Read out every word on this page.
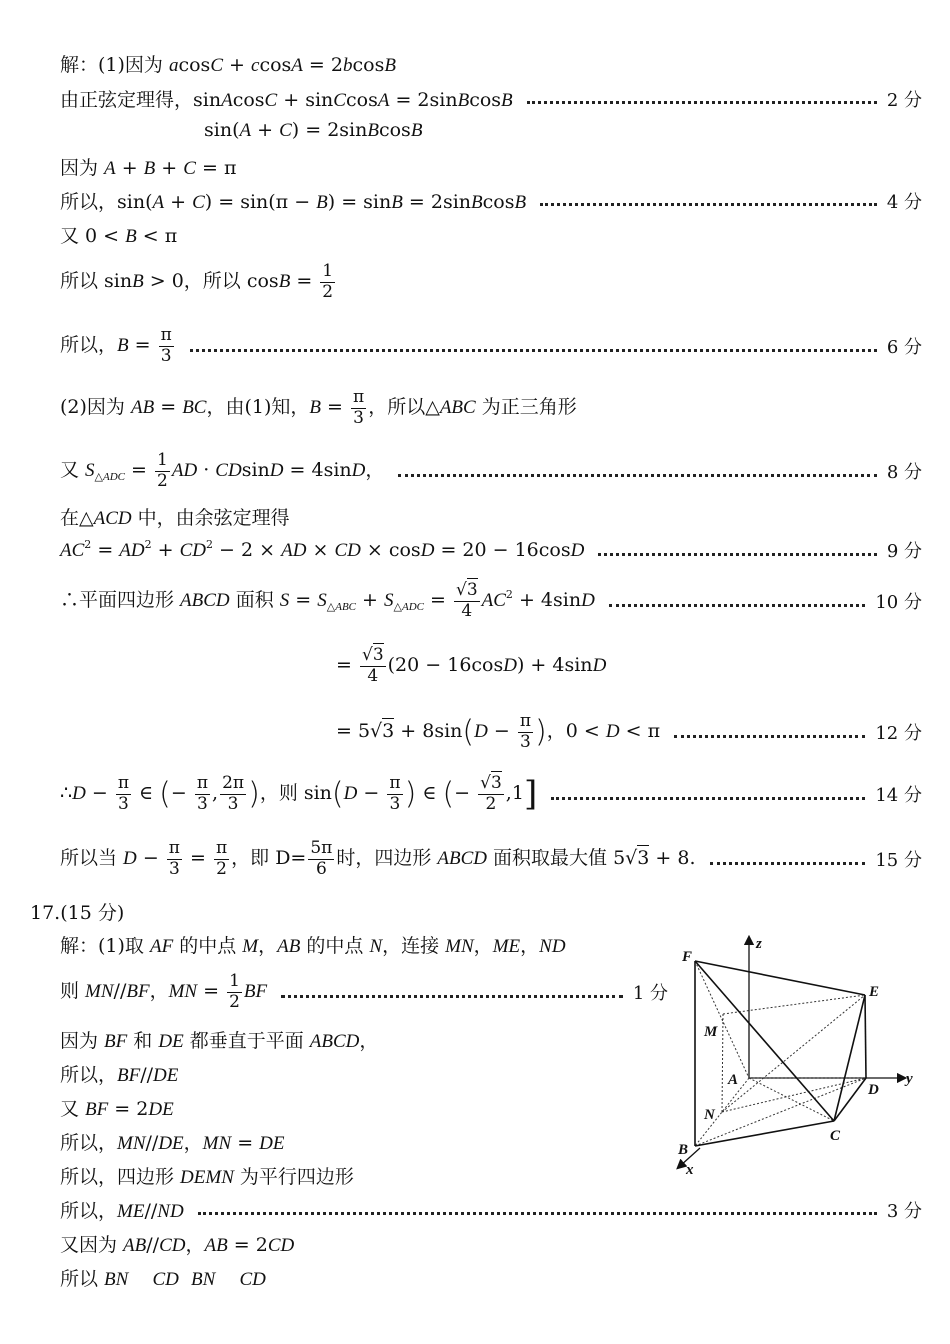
解：(1)因为 acosC + ccosA = 2bcosB
由正弦定理得，sinAcosC + sinCcosA = 2sinBcosB	2 分
sin(A + C) = 2sinBcosB
因为 A + B + C = π
所以，sin(A + C) = sin(π − B) = sinB = 2sinBcosB	4 分
又 0 < B < π
所以 sinB > 0，所以 $\cos B = \frac{1}{2}$
所以，$B = \frac{\pi}{3}$	6 分
(2)因为 AB = BC，由(1)知，$B = \frac{\pi}{3}$ ，所以△ABC 为正三角形
又 $S_{\triangle ADC} = \frac{1}{2}$ AD · CDsinD = 4sinD，	8 分
在△ACD 中，由余弦定理得
$AC^2 = AD^2 + CD^2 - 2$ × AD × CD × cosD = 20 − 16cosD	9 分
∴平面四边形 ABCD 面积 $S = S_{\triangle ABC} + S_{\triangle ADC} = \frac{√3}{4} AC^2 + 4\sin D$	10 分
= $\frac{√3}{4} (20 - 16\cos D) + 4\sin D$
= $5√3 + 8\sin(D - \frac{\pi}{3}$ )，0 < D < π	12 分
∴D − $\frac{\pi}{3}$ ∈ (− $\frac{\pi}{3}$ , $\frac{2\pi}{3}$ )，则 $\sin(D - \frac{\pi}{3}$ ) ∈ (− $\frac{√3}{2} ,1$]	14 分
所以当 $D - \frac{\pi}{3} = \frac{\pi}{2}$ ，即 $D= \frac{5\pi}{6}$ 时，四边形 ABCD 面积取最大值 5√3 + 8.	15 分
17.(15 分)
解：(1)取 AF 的中点 M，AB 的中点 N，连接 MN，ME，ND
则 MN//BF，MN = $\frac{1}{2}$ BF	1 分
因为 BF 和 DE 都垂直于平面 ABCD，
所以，BF//DE
又 BF = 2DE
所以，MN//DE，MN = DE
所以，四边形 DEMN 为平行四边形
所以，ME//ND	3 分
又因为 AB//CD，AB = 2CD
所以 BN CD BN CD
F
E
M
A
D
N
B
C
x
y
z
